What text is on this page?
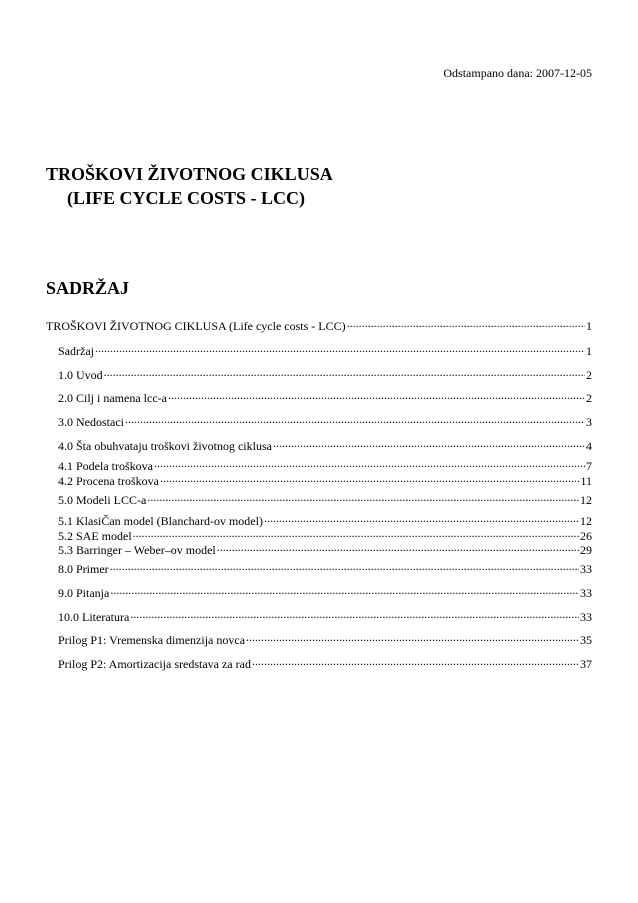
Odstampano dana: 2007-12-05
TROŠKOVI ŽIVOTNOG CIKLUSA
(LIFE CYCLE COSTS - LCC)
SADRŽAJ
TROŠKOVI ŽIVOTNOG CIKLUSA (Life cycle costs - LCC) .....	1
Sadržaj .....	1
1.0 Uvod .....	2
2.0 Cilj i namena lcc-a .....	2
3.0 Nedostaci .....	3
4.0 Šta obuhvataju troškovi životnog ciklusa .....	4
4.1 Podela troškova .....	7
4.2 Procena troškova .....	11
5.0 Modeli LCC-a .....	12
5.1 KlasiČan model (Blanchard-ov model) .....	12
5.2 SAE model .....	26
5.3 Barringer – Weber–ov model .....	29
8.0 Primer .....	33
9.0 Pitanja .....	33
10.0 Literatura .....	33
Prilog P1: Vremenska dimenzija novca .....	35
Prilog P2: Amortizacija sredstava za rad .....	37
